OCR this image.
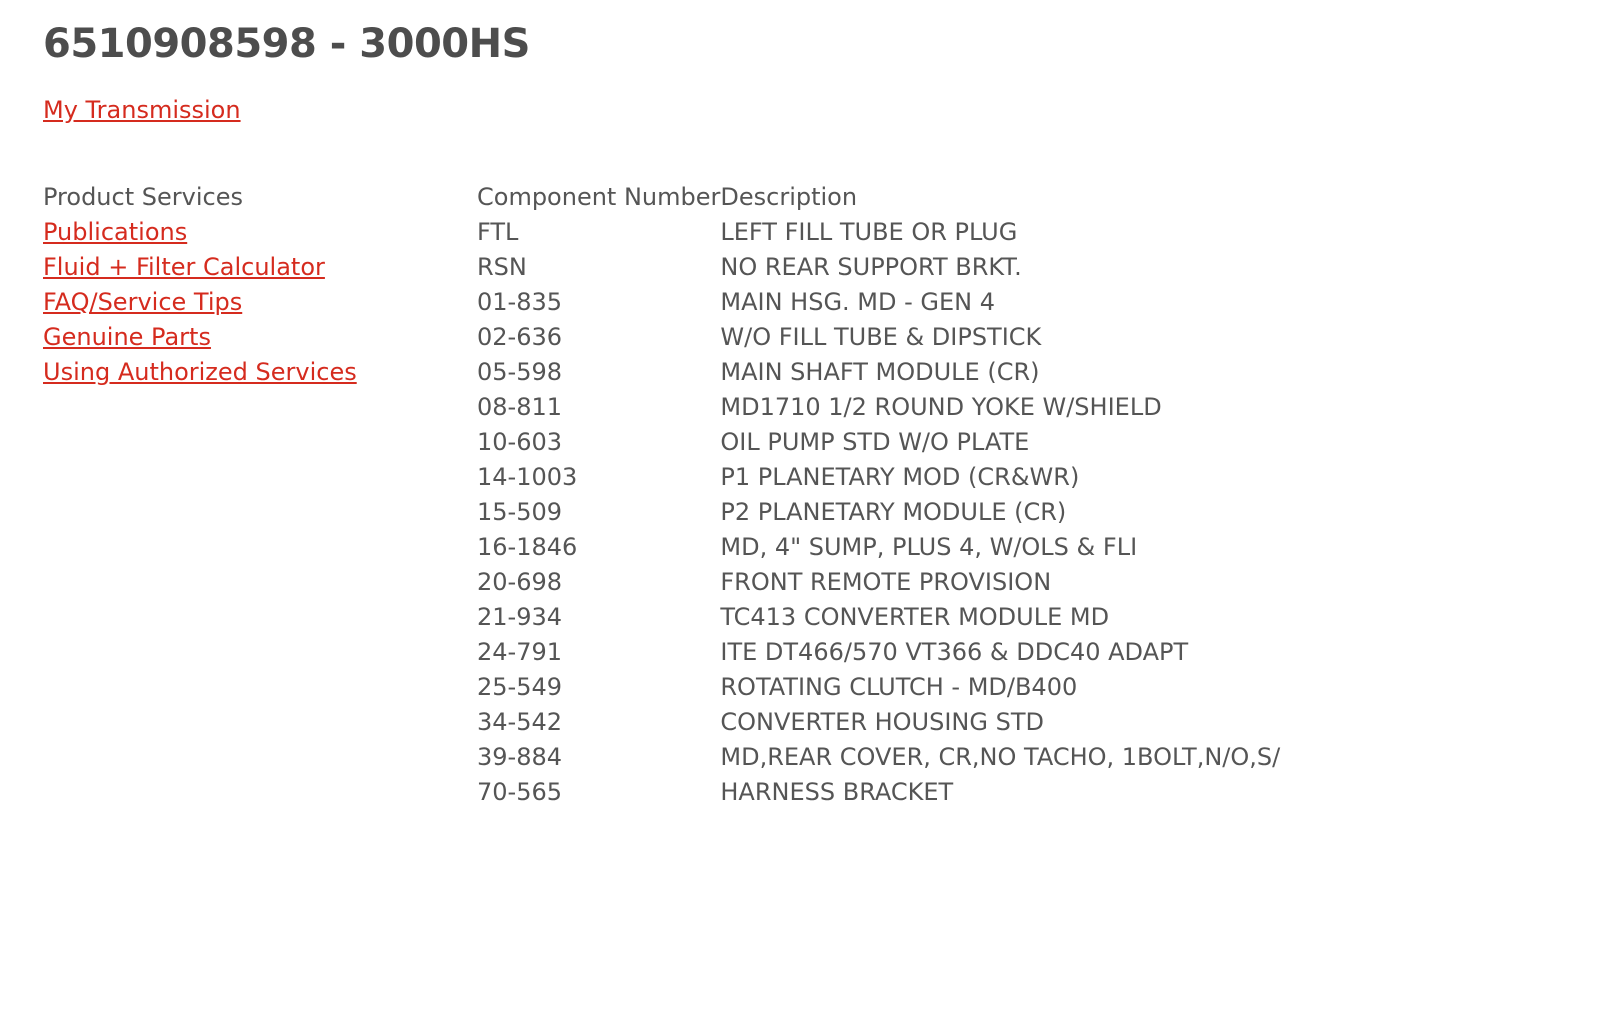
6510908598 - 3000HS
My Transmission
Product Services
Publications
Fluid + Filter Calculator
FAQ/Service Tips
Genuine Parts
Using Authorized Services
Component Number	Description
FTL	LEFT FILL TUBE OR PLUG
RSN	NO REAR SUPPORT BRKT.
01-835	MAIN HSG. MD - GEN 4
02-636	W/O FILL TUBE & DIPSTICK
05-598	MAIN SHAFT MODULE (CR)
08-811	MD1710 1/2 ROUND YOKE W/SHIELD
10-603	OIL PUMP STD W/O PLATE
14-1003	P1 PLANETARY MOD (CR&WR)
15-509	P2 PLANETARY MODULE (CR)
16-1846	MD, 4" SUMP, PLUS 4, W/OLS & FLI
20-698	FRONT REMOTE PROVISION
21-934	TC413 CONVERTER MODULE MD
24-791	ITE DT466/570 VT366 & DDC40 ADAPT
25-549	ROTATING CLUTCH - MD/B400
34-542	CONVERTER HOUSING STD
39-884	MD,REAR COVER, CR,NO TACHO, 1BOLT,N/O,S/
70-565	HARNESS BRACKET
